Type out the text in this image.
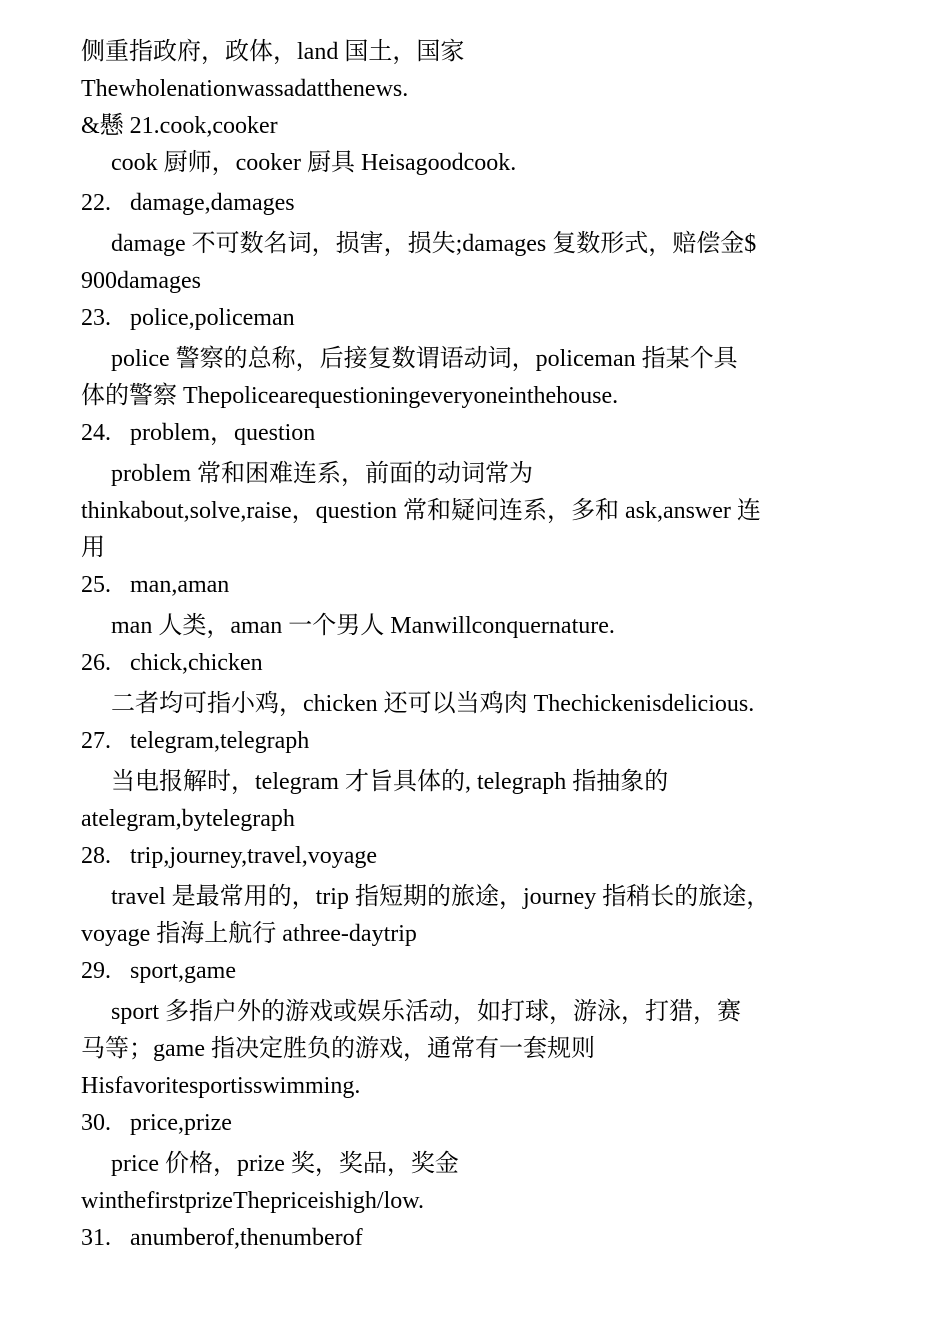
侧重指政府，政体，land 国土，国家

Thewholenationwassadatthenews.

&懸 21.cook,cooker

cook 厨师，cooker 厨具 Heisagoodcook.

22. damage,damages

damage 不可数名词，损害，损失;damages 复数形式，赔偿金$

900damages

23. police,policeman

police 警察的总称，后接复数谓语动词，policeman 指某个具

体的警察 Thepolicearequestioningeveryoneinthehouse.

24. problem，question

problem 常和困难连系，前面的动词常为

thinkabout,solve,raise，question 常和疑问连系，多和 ask,answer 连

用

25. man,aman

man 人类，aman 一个男人 Manwillconquernature.

26. chick,chicken

二者均可指小鸡，chicken 还可以当鸡肉 Thechickenisdelicious.

27. telegram,telegraph

当电报解时，telegram 才旨具体的, telegraph 指抽象的

atelegram,bytelegraph

28. trip,journey,travel,voyage

travel 是最常用的，trip 指短期的旅途，journey 指稍长的旅途，

voyage 指海上航行 athree-daytrip

29. sport,game

sport 多指户外的游戏或娱乐活动，如打球，游泳，打猎，赛

马等；game 指决定胜负的游戏，通常有一套规则

Hisfavoritesportisswimming.

30. price,prize

price 价格，prize 奖，奖品，奖金

winthefirstprizeThepriceishigh/low.

31. anumberof,thenumberof
